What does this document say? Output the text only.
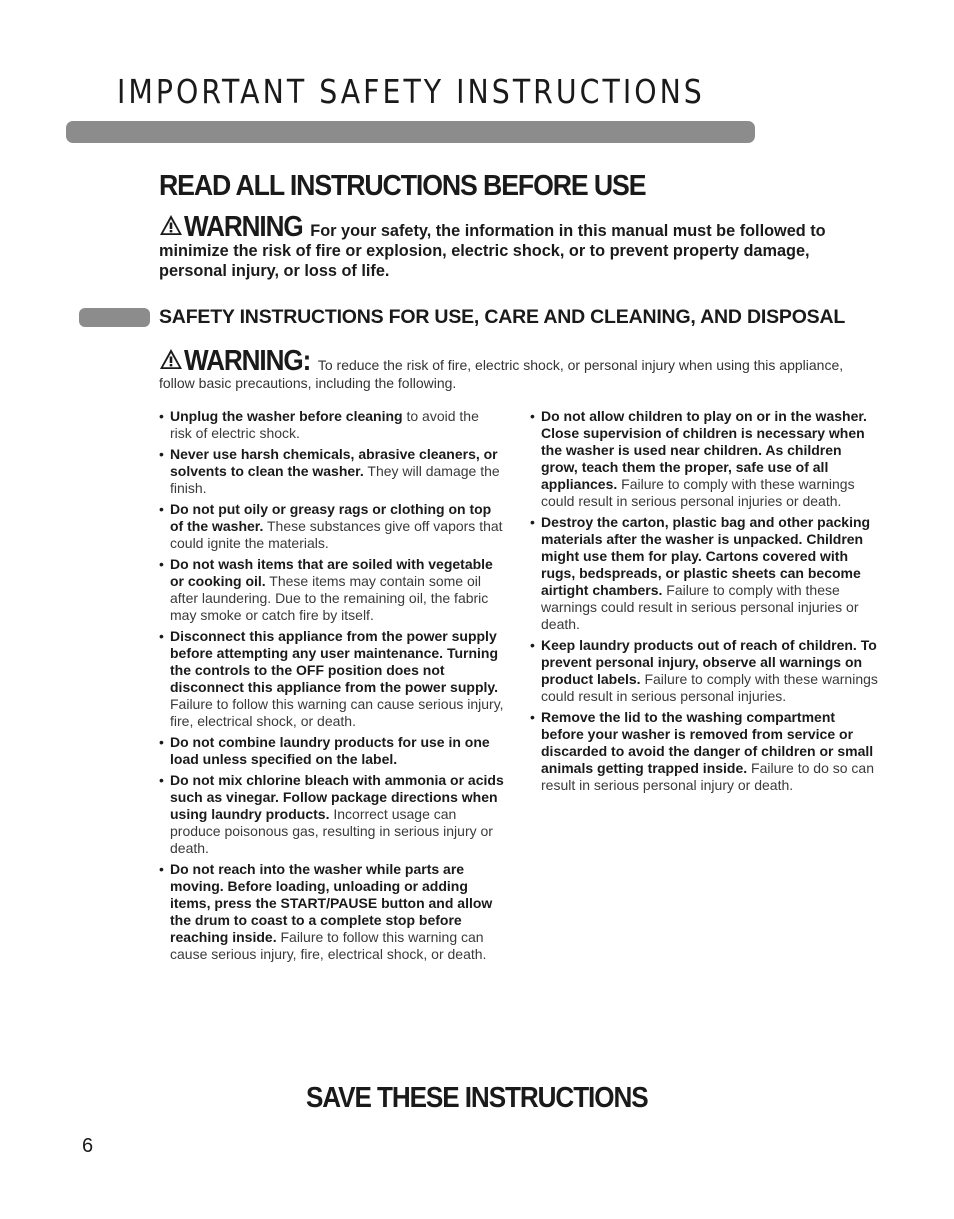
IMPORTANT SAFETY INSTRUCTIONS
READ ALL INSTRUCTIONS BEFORE USE
WARNING For your safety, the information in this manual must be followed to minimize the risk of fire or explosion, electric shock, or to prevent property damage, personal injury, or loss of life.
SAFETY INSTRUCTIONS FOR USE, CARE AND CLEANING, AND DISPOSAL
WARNING: To reduce the risk of fire, electric shock, or personal injury when using this appliance, follow basic precautions, including the following.
• Unplug the washer before cleaning to avoid the risk of electric shock.
• Never use harsh chemicals, abrasive cleaners, or solvents to clean the washer. They will damage the finish.
• Do not put oily or greasy rags or clothing on top of the washer. These substances give off vapors that could ignite the materials.
• Do not wash items that are soiled with vegetable or cooking oil. These items may contain some oil after laundering. Due to the remaining oil, the fabric may smoke or catch fire by itself.
• Disconnect this appliance from the power supply before attempting any user maintenance. Turning the controls to the OFF position does not disconnect this appliance from the power supply. Failure to follow this warning can cause serious injury, fire, electrical shock, or death.
• Do not combine laundry products for use in one load unless specified on the label.
• Do not mix chlorine bleach with ammonia or acids such as vinegar. Follow package directions when using laundry products. Incorrect usage can produce poisonous gas, resulting in serious injury or death.
• Do not reach into the washer while parts are moving. Before loading, unloading or adding items, press the START/PAUSE button and allow the drum to coast to a complete stop before reaching inside. Failure to follow this warning can cause serious injury, fire, electrical shock, or death.
• Do not allow children to play on or in the washer. Close supervision of children is necessary when the washer is used near children. As children grow, teach them the proper, safe use of all appliances. Failure to comply with these warnings could result in serious personal injuries or death.
• Destroy the carton, plastic bag and other packing materials after the washer is unpacked. Children might use them for play. Cartons covered with rugs, bedspreads, or plastic sheets can become airtight chambers. Failure to comply with these warnings could result in serious personal injuries or death.
• Keep laundry products out of reach of children. To prevent personal injury, observe all warnings on product labels. Failure to comply with these warnings could result in serious personal injuries.
• Remove the lid to the washing compartment before your washer is removed from service or discarded to avoid the danger of children or small animals getting trapped inside. Failure to do so can result in serious personal injury or death.
SAVE THESE INSTRUCTIONS
6
